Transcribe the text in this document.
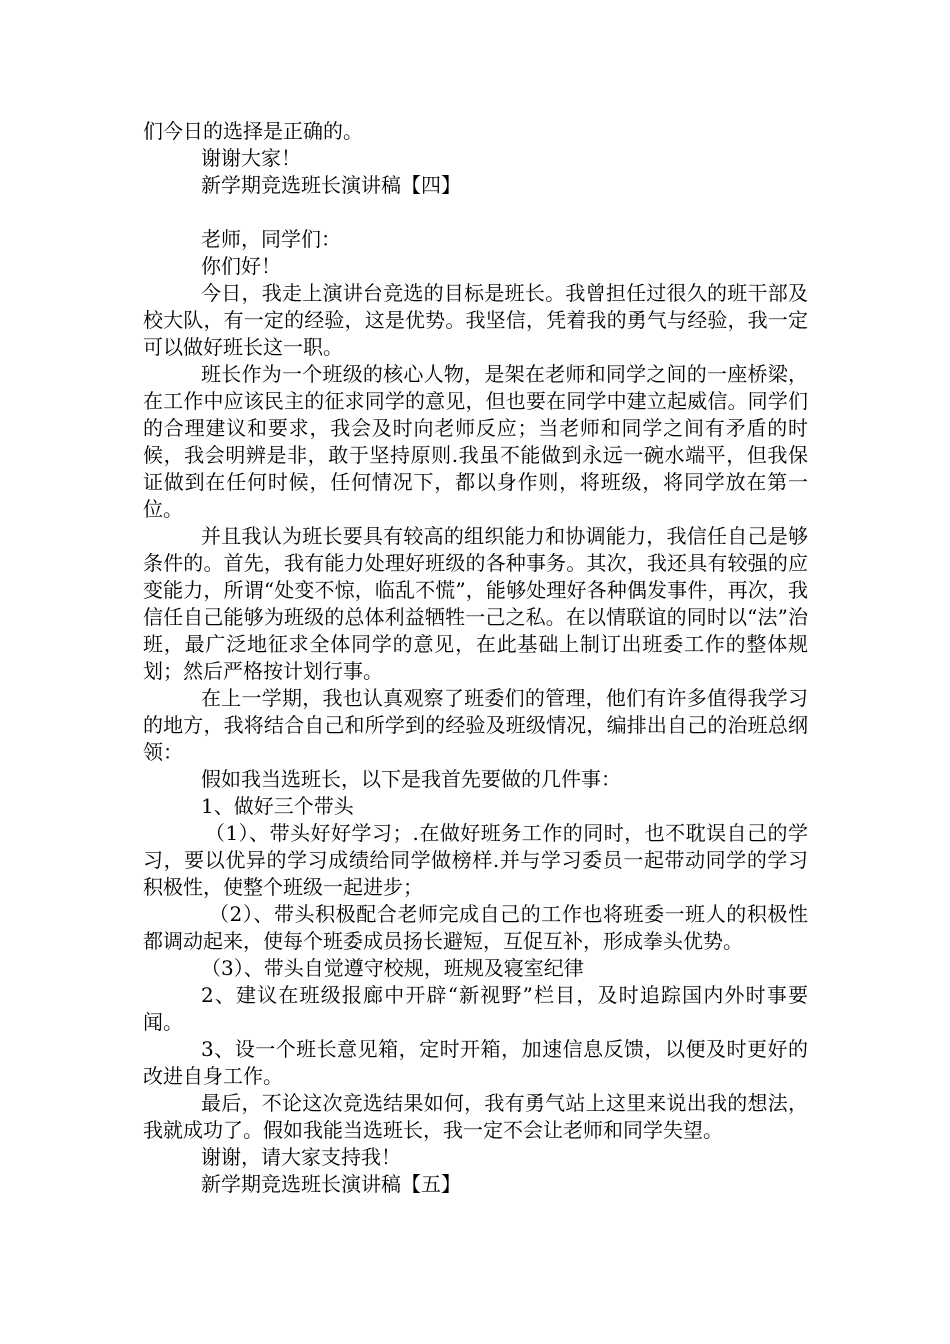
们今日的选择是正确的。

谢谢大家！

新学期竞选班长演讲稿【四】

老师，同学们：

你们好！

今日，我走上演讲台竞选的目标是班长。我曾担任过很久的班干部及校大队，有一定的经验，这是优势。我坚信，凭着我的勇气与经验，我一定可以做好班长这一职。

班长作为一个班级的核心人物，是架在老师和同学之间的一座桥梁，在工作中应该民主的征求同学的意见，但也要在同学中建立起威信。同学们的合理建议和要求，我会及时向老师反应；当老师和同学之间有矛盾的时候，我会明辨是非，敢于坚持原则.我虽不能做到永远一碗水端平，但我保证做到在任何时候，任何情况下，都以身作则，将班级，将同学放在第一位。

并且我认为班长要具有较高的组织能力和协调能力，我信任自己是够条件的。首先，我有能力处理好班级的各种事务。其次，我还具有较强的应变能力，所谓“处变不惊，临乱不慌”，能够处理好各种偶发事件，再次，我信任自己能够为班级的总体利益牺牲一己之私。在以情联谊的同时以“法”治班，最广泛地征求全体同学的意见，在此基础上制订出班委工作的整体规划；然后严格按计划行事。

在上一学期，我也认真观察了班委们的管理，他们有许多值得我学习的地方，我将结合自己和所学到的经验及班级情况，编排出自己的治班总纲领：

假如我当选班长，以下是我首先要做的几件事：

1、做好三个带头

（1）、带头好好学习；.在做好班务工作的同时，也不耽误自己的学习，要以优异的学习成绩给同学做榜样.并与学习委员一起带动同学的学习积极性，使整个班级一起进步；

（2）、带头积极配合老师完成自己的工作也将班委一班人的积极性都调动起来，使每个班委成员扬长避短，互促互补，形成拳头优势。

（3）、带头自觉遵守校规，班规及寝室纪律

2、建议在班级报廊中开辟“新视野”栏目，及时追踪国内外时事要闻。

3、设一个班长意见箱，定时开箱，加速信息反馈，以便及时更好的改进自身工作。

最后，不论这次竞选结果如何，我有勇气站上这里来说出我的想法，我就成功了。假如我能当选班长，我一定不会让老师和同学失望。

谢谢，请大家支持我！

新学期竞选班长演讲稿【五】
